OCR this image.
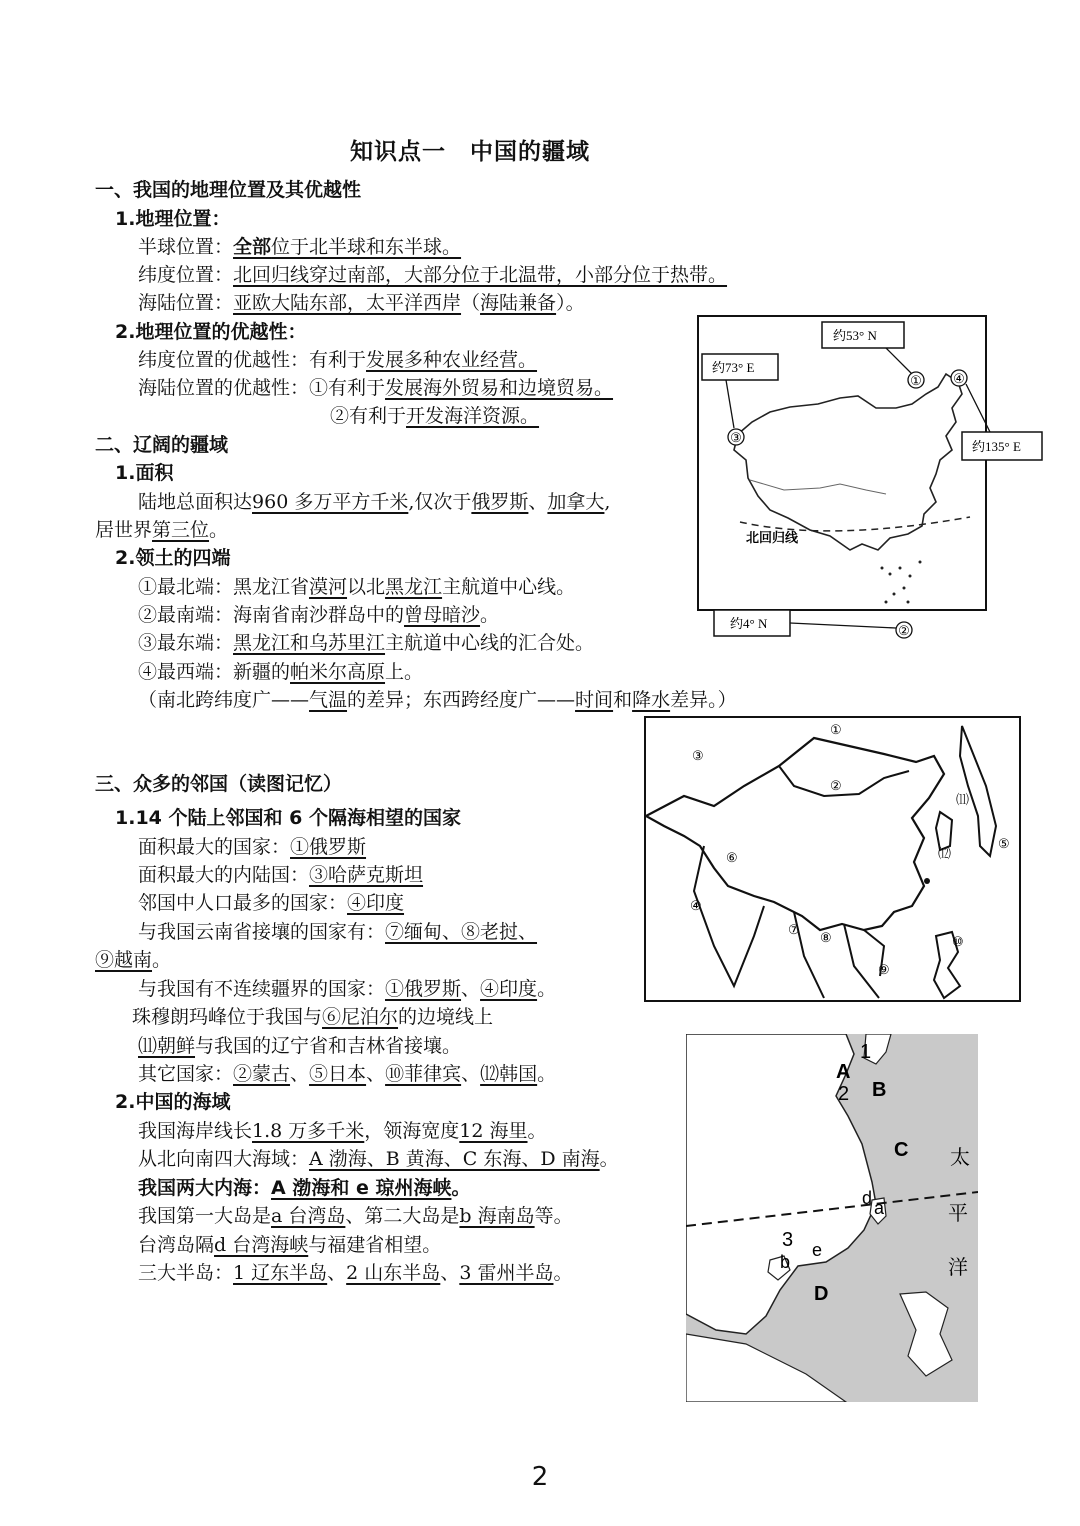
知识点一　中国的疆域
一、我国的地理位置及其优越性
1.地理位置：
半球位置：全部位于北半球和东半球。
纬度位置：北回归线穿过南部，大部分位于北温带，小部分位于热带。
海陆位置：亚欧大陆东部，太平洋西岸（海陆兼备）。
2.地理位置的优越性：
纬度位置的优越性：有利于发展多种农业经营。
海陆位置的优越性：①有利于发展海外贸易和边境贸易。
②有利于开发海洋资源。
二、辽阔的疆域
1.面积
陆地总面积达960 多万平方千米,仅次于俄罗斯、加拿大,
居世界第三位。
2.领土的四端
①最北端：黑龙江省漠河以北黑龙江主航道中心线。
②最南端：海南省南沙群岛中的曾母暗沙。
③最东端：黑龙江和乌苏里江主航道中心线的汇合处。
④最西端：新疆的帕米尔高原上。
（南北跨纬度广——气温的差异；东西跨经度广——时间和降水差异。）
三、众多的邻国（读图记忆）
1.14 个陆上邻国和 6 个隔海相望的国家
面积最大的国家：①俄罗斯
面积最大的内陆国：③哈萨克斯坦
邻国中人口最多的国家：④印度
与我国云南省接壤的国家有：⑦缅甸、⑧老挝、
⑨越南。
与我国有不连续疆界的国家：①俄罗斯、④印度。
珠穆朗玛峰位于我国与⑥尼泊尔的边境线上
⑾朝鲜与我国的辽宁省和吉林省接壤。
其它国家：②蒙古、⑤日本、⑩菲律宾、⑿韩国。
2.中国的海域
我国海岸线长1.8 万多千米，领海宽度12 海里。
从北向南四大海域：A 渤海、B 黄海、C 东海、D 南海。
我国两大内海：A 渤海和 e 琼州海峡。
我国第一大岛是a 台湾岛、第二大岛是b 海南岛等。
台湾岛隔d 台湾海峡与福建省相望。
三大半岛：1 辽东半岛、2 山东半岛、3 雷州半岛。
北回归线
约53° N
① ④
约135° E
约73° E
③
约4° N	②
①
②
③
④
⑤
⑥
⑦
⑧
⑨
⑩
⑾
⑿
1
A
2 B
C 太
d a	平
3 e
b	洋
D
2
